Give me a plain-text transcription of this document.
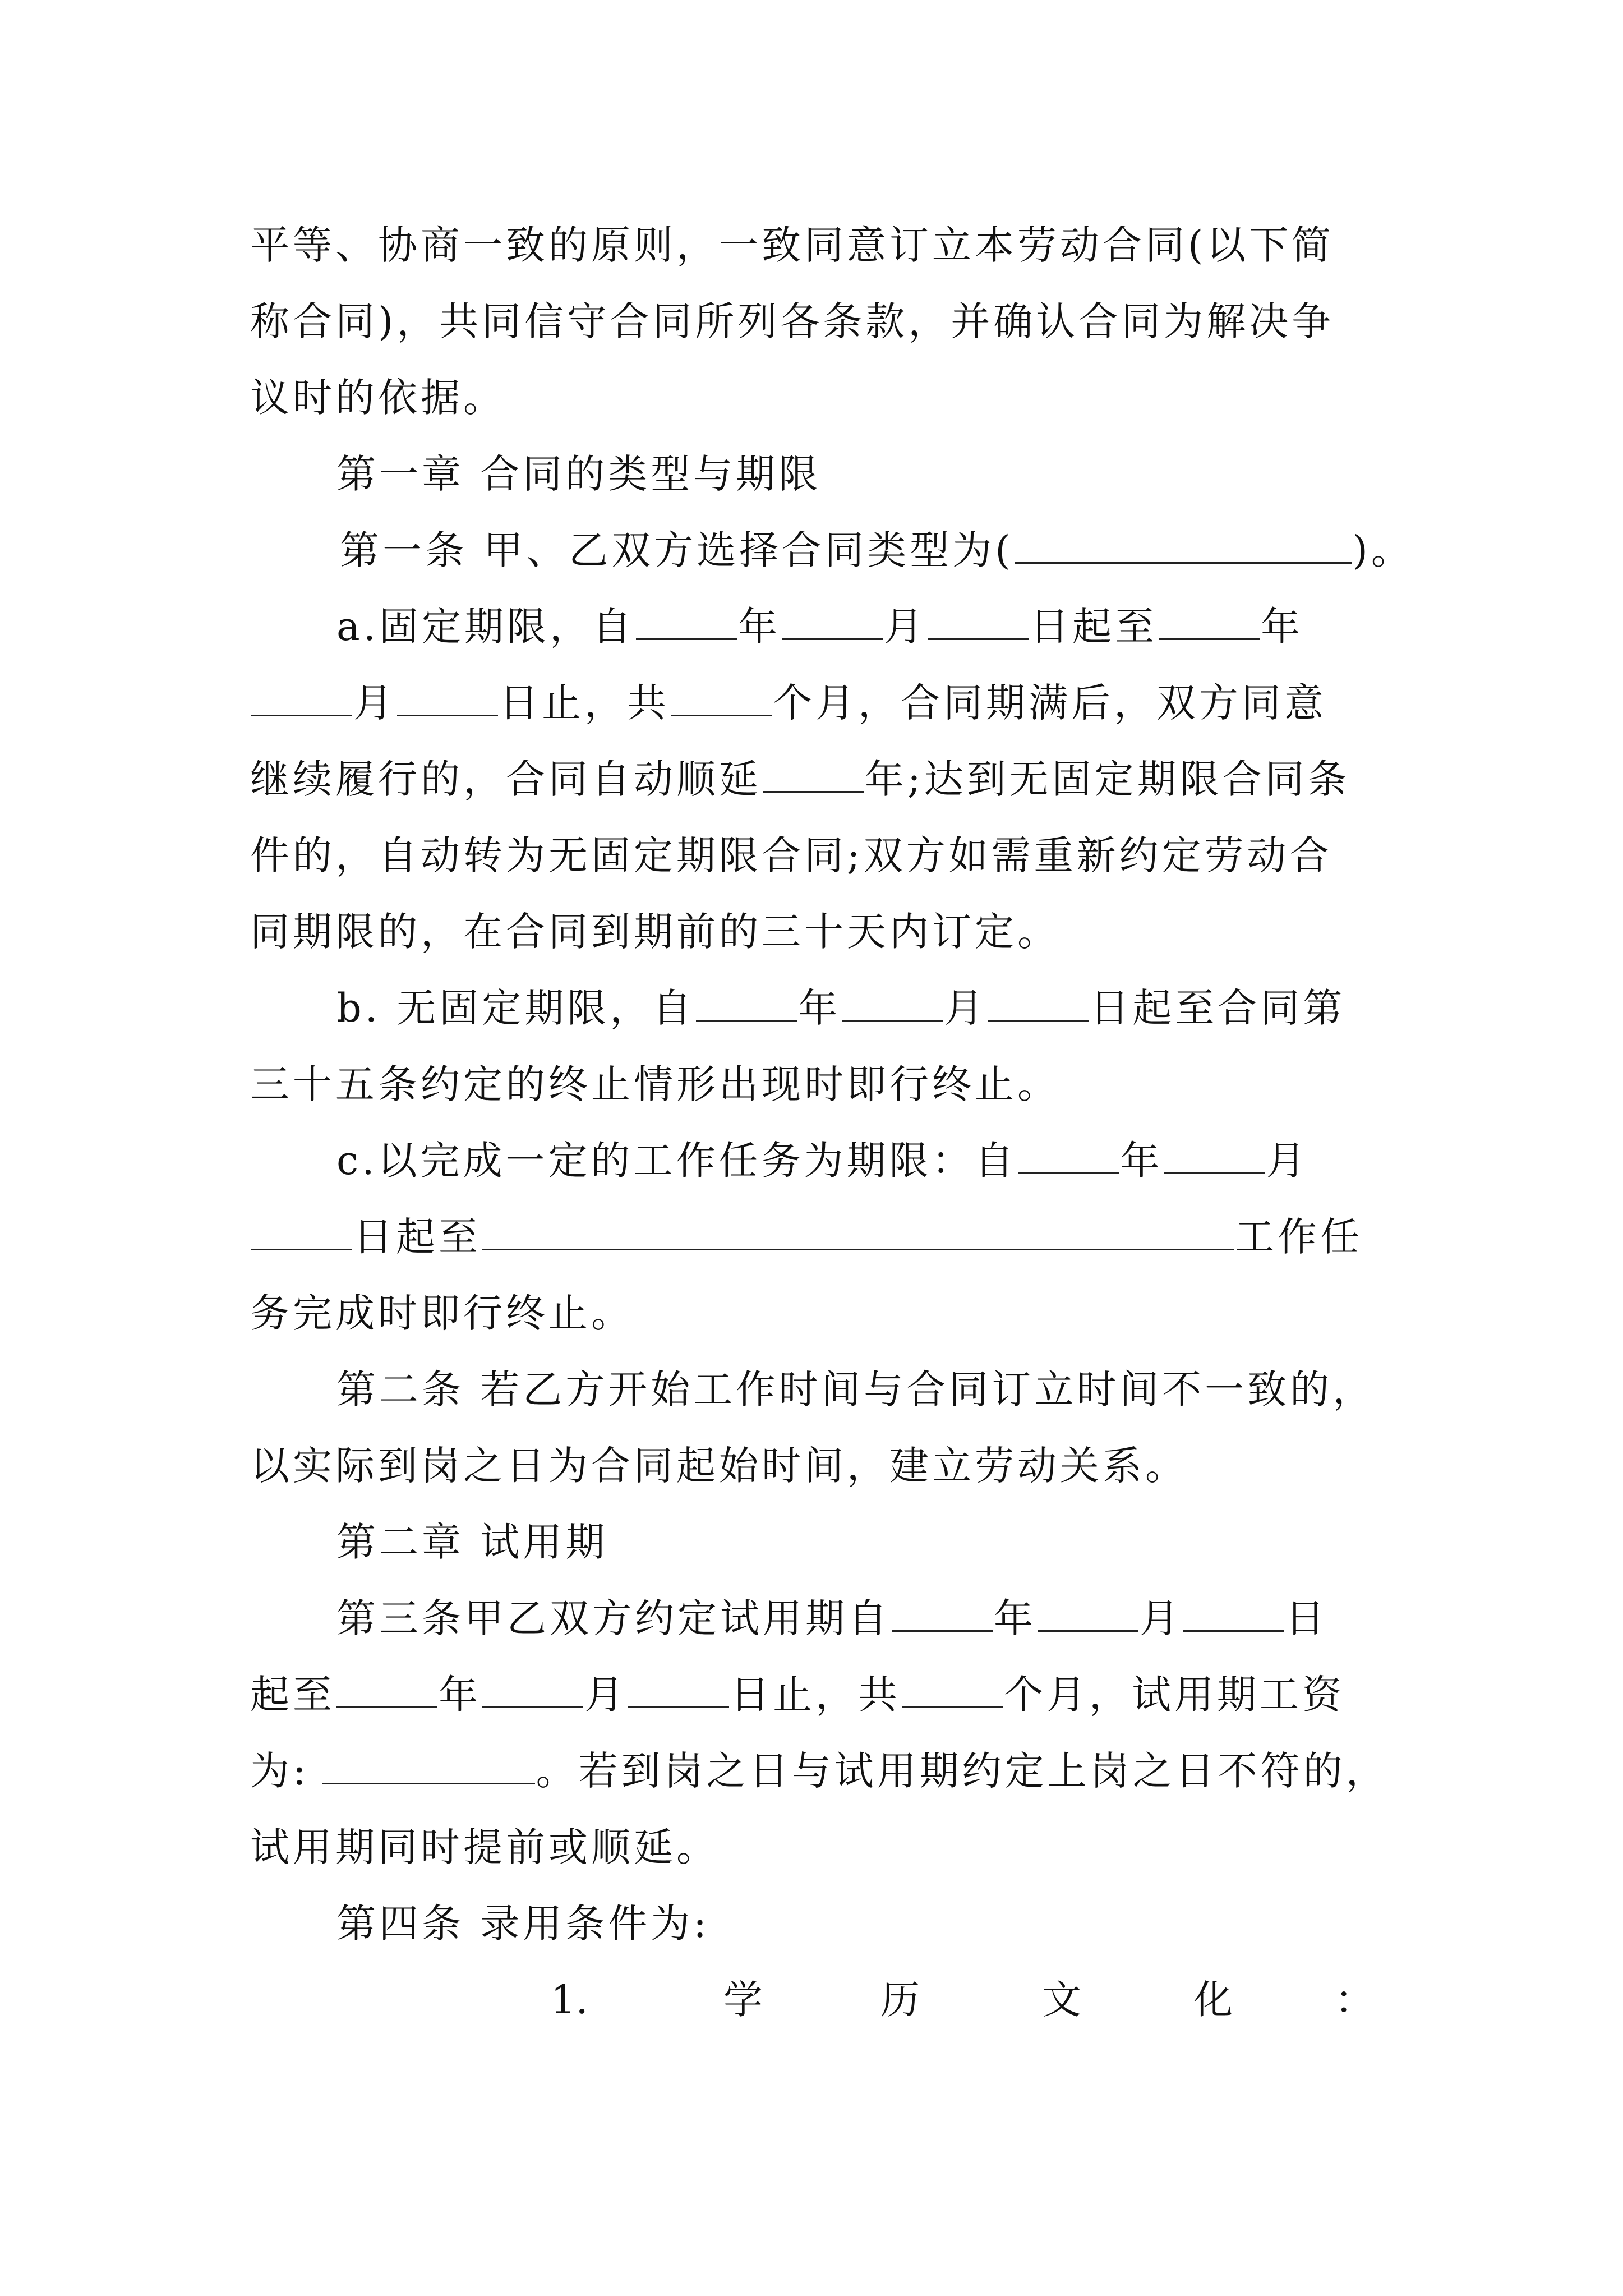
平等、协商一致的原则，一致同意订立本劳动合同(以下简
称合同)，共同信守合同所列各条款，并确认合同为解决争
议时的依据。
第一章 合同的类型与期限
第一条 甲、乙双方选择合同类型为(	)。
a.固定期限，自	年	月	日起至	年
月	日止，共	个月，合同期满后，双方同意
继续履行的，合同自动顺延	年;达到无固定期限合同条
件的，自动转为无固定期限合同;双方如需重新约定劳动合
同期限的，在合同到期前的三十天内订定。
b. 无固定期限，自	年	月	日起至合同第
三十五条约定的终止情形出现时即行终止。
c.以完成一定的工作任务为期限：自	年	月
日起至	工作任
务完成时即行终止。
第二条 若乙方开始工作时间与合同订立时间不一致的，
以实际到岗之日为合同起始时间，建立劳动关系。
第二章 试用期
第三条甲乙双方约定试用期自	年	月	日
起至	年	月	日止，共	个月，试用期工资
为:	。若到岗之日与试用期约定上岗之日不符的，
试用期同时提前或顺延。
第四条 录用条件为:
1.	学	历	文	化	：
